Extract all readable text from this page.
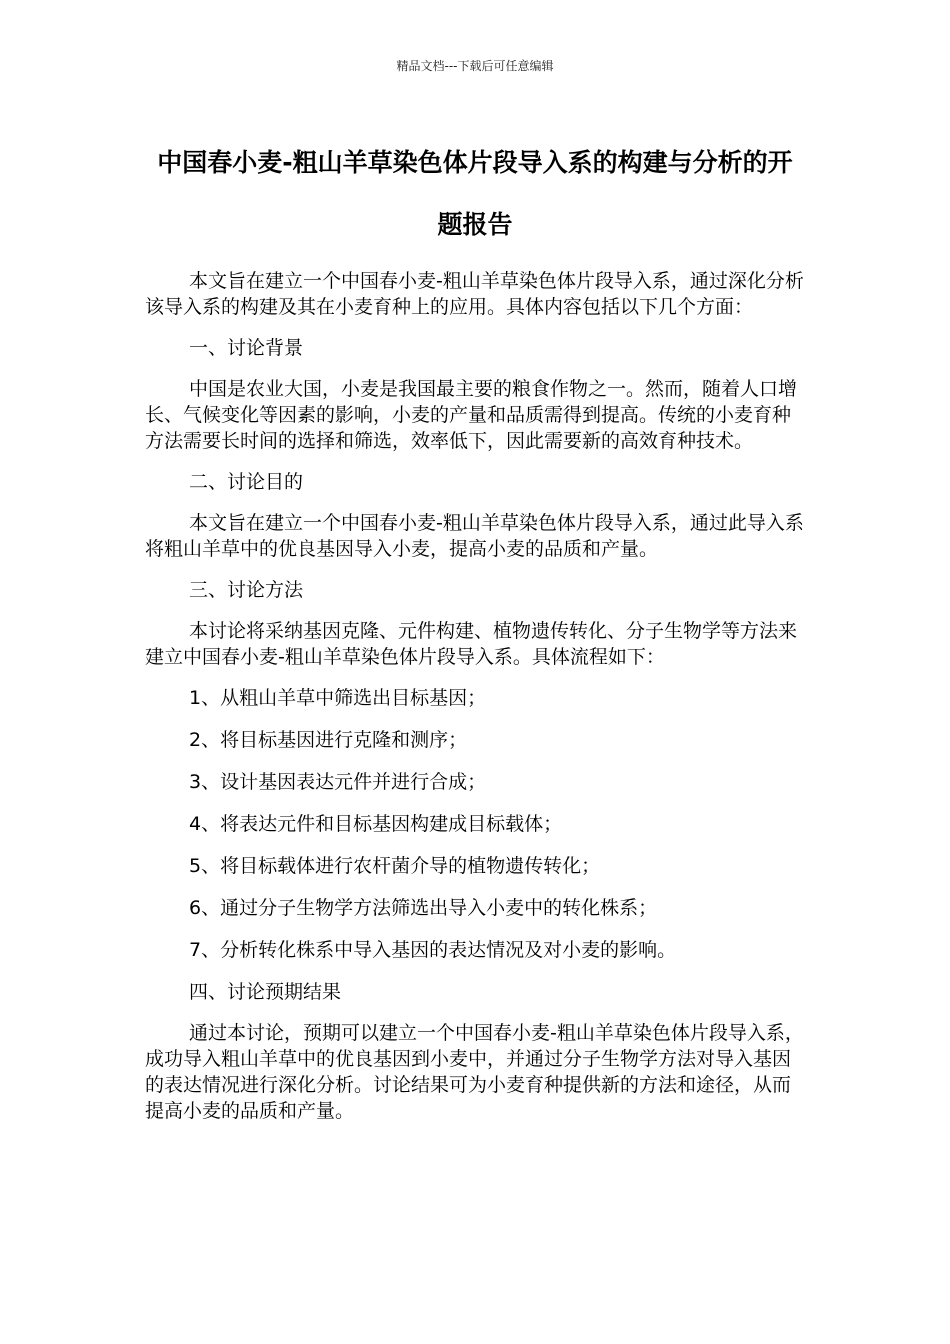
精品文档---下载后可任意编辑
中国春小麦-粗山羊草染色体片段导入系的构建与分析的开题报告

本文旨在建立一个中国春小麦-粗山羊草染色体片段导入系，通过深化分析该导入系的构建及其在小麦育种上的应用。具体内容包括以下几个方面：

一、讨论背景

中国是农业大国，小麦是我国最主要的粮食作物之一。然而，随着人口增长、气候变化等因素的影响，小麦的产量和品质需得到提高。传统的小麦育种方法需要长时间的选择和筛选，效率低下，因此需要新的高效育种技术。

二、讨论目的

本文旨在建立一个中国春小麦-粗山羊草染色体片段导入系，通过此导入系将粗山羊草中的优良基因导入小麦，提高小麦的品质和产量。

三、讨论方法

本讨论将采纳基因克隆、元件构建、植物遗传转化、分子生物学等方法来建立中国春小麦-粗山羊草染色体片段导入系。具体流程如下：

1、从粗山羊草中筛选出目标基因；

2、将目标基因进行克隆和测序；

3、设计基因表达元件并进行合成；

4、将表达元件和目标基因构建成目标载体；

5、将目标载体进行农杆菌介导的植物遗传转化；

6、通过分子生物学方法筛选出导入小麦中的转化株系；

7、分析转化株系中导入基因的表达情况及对小麦的影响。

四、讨论预期结果

通过本讨论，预期可以建立一个中国春小麦-粗山羊草染色体片段导入系，成功导入粗山羊草中的优良基因到小麦中，并通过分子生物学方法对导入基因的表达情况进行深化分析。讨论结果可为小麦育种提供新的方法和途径，从而提高小麦的品质和产量。
